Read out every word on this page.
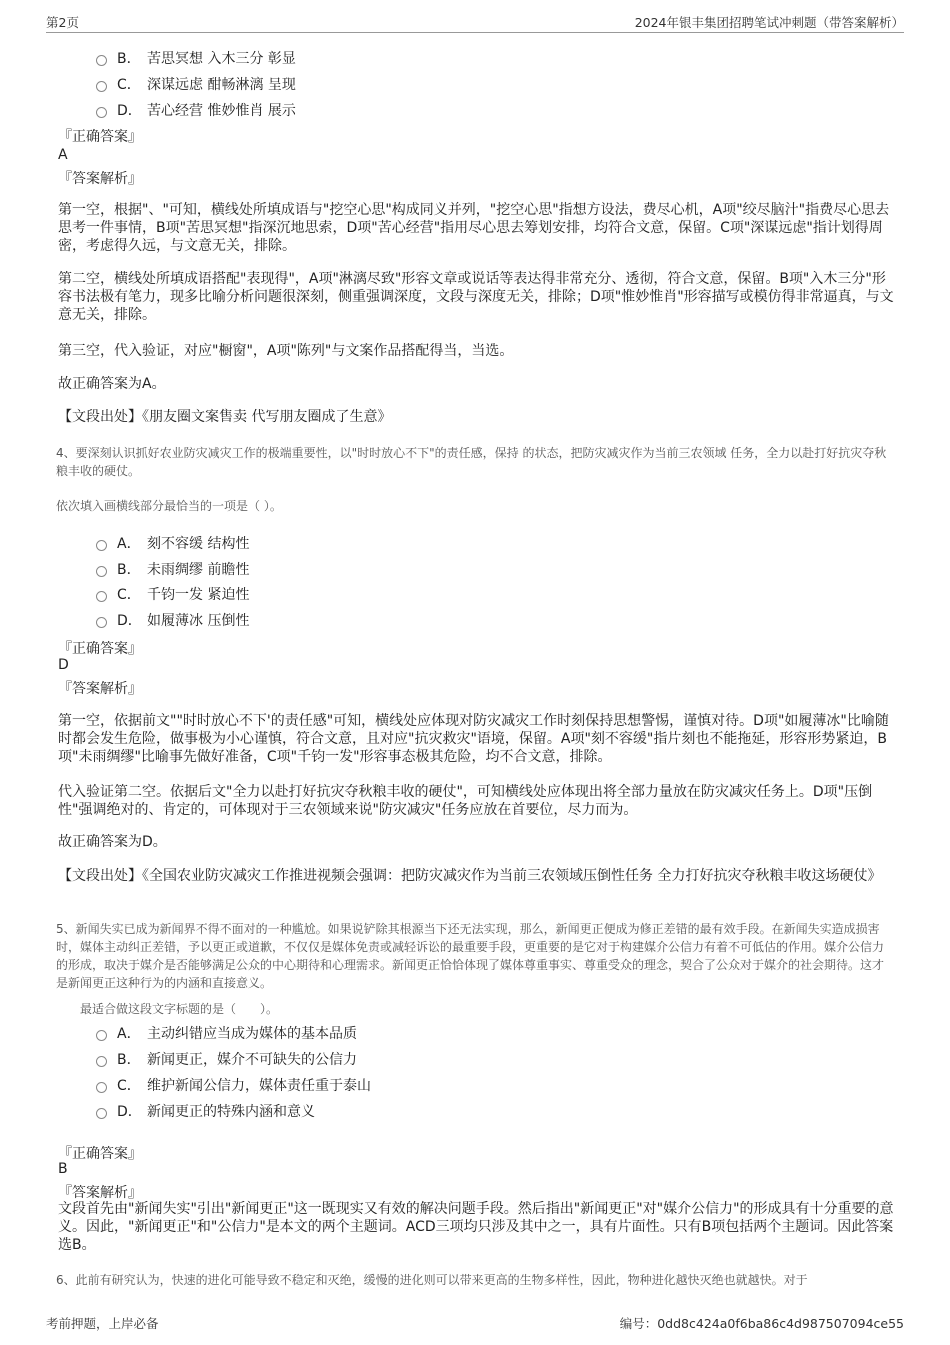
第2页	2024年银丰集团招聘笔试冲刺题（带答案解析）
B． 苦思冥想 入木三分 彰显
C． 深谋远虑 酣畅淋漓 呈现
D． 苦心经营 惟妙惟肖 展示
『正确答案』
A
『答案解析』
第一空，根据"、"可知，横线处所填成语与"挖空心思"构成同义并列，"挖空心思"指想方设法，费尽心机，A项"绞尽脑汁"指费尽心思去思考一件事情，B项"苦思冥想"指深沉地思索，D项"苦心经营"指用尽心思去筹划安排，均符合文意，保留。C项"深谋远虑"指计划得周密，考虑得久远，与文意无关，排除。
第二空，横线处所填成语搭配"表现得"，A项"淋漓尽致"形容文章或说话等表达得非常充分、透彻，符合文意，保留。B项"入木三分"形容书法极有笔力，现多比喻分析问题很深刻，侧重强调深度，文段与深度无关，排除；D项"惟妙惟肖"形容描写或模仿得非常逼真，与文意无关，排除。
第三空，代入验证，对应"橱窗"，A项"陈列"与文案作品搭配得当，当选。
故正确答案为A。
【文段出处】《朋友圈文案售卖 代写朋友圈成了生意》
4、要深刻认识抓好农业防灾减灾工作的极端重要性，以"时时放心不下"的责任感，保持 的状态，把防灾减灾作为当前三农领域 任务，全力以赴打好抗灾夺秋粮丰收的硬仗。
依次填入画横线部分最恰当的一项是（ ）。
A． 刻不容缓 结构性
B． 未雨绸缪 前瞻性
C． 千钧一发 紧迫性
D． 如履薄冰 压倒性
『正确答案』
D
『答案解析』
第一空，依据前文""时时放心不下'的责任感"可知，横线处应体现对防灾减灾工作时刻保持思想警惕，谨慎对待。D项"如履薄冰"比喻随时都会发生危险，做事极为小心谨慎，符合文意，且对应"抗灾救灾"语境，保留。A项"刻不容缓"指片刻也不能拖延，形容形势紧迫，B项"未雨绸缪"比喻事先做好准备，C项"千钧一发"形容事态极其危险，均不合文意，排除。
代入验证第二空。依据后文"全力以赴打好抗灾夺秋粮丰收的硬仗"，可知横线处应体现出将全部力量放在防灾减灾任务上。D项"压倒性"强调绝对的、肯定的，可体现对于三农领域来说"防灾减灾"任务应放在首要位，尽力而为。
故正确答案为D。
【文段出处】《全国农业防灾减灾工作推进视频会强调：把防灾减灾作为当前三农领域压倒性任务 全力打好抗灾夺秋粮丰收这场硬仗》
5、新闻失实已成为新闻界不得不面对的一种尴尬。如果说铲除其根源当下还无法实现，那么，新闻更正便成为修正差错的最有效手段。在新闻失实造成损害时，媒体主动纠正差错，予以更正或道歉，不仅仅是媒体免责或减轻诉讼的最重要手段，更重要的是它对于构建媒介公信力有着不可低估的作用。媒介公信力的形成，取决于媒介是否能够满足公众的中心期待和心理需求。新闻更正恰恰体现了媒体尊重事实、尊重受众的理念，契合了公众对于媒介的社会期待。这才是新闻更正这种行为的内涵和直接意义。
最适合做这段文字标题的是（　　）。
A． 主动纠错应当成为媒体的基本品质
B． 新闻更正，媒介不可缺失的公信力
C． 维护新闻公信力，媒体责任重于泰山
D． 新闻更正的特殊内涵和意义
『正确答案』
B
『答案解析』
文段首先由"新闻失实"引出"新闻更正"这一既现实又有效的解决问题手段。然后指出"新闻更正"对"媒介公信力"的形成具有十分重要的意义。因此，"新闻更正"和"公信力"是本文的两个主题词。ACD三项均只涉及其中之一，具有片面性。只有B项包括两个主题词。因此答案选B。
6、此前有研究认为，快速的进化可能导致不稳定和灭绝，缓慢的进化则可以带来更高的生物多样性，因此，物种进化越快灭绝也就越快。对于
考前押题，上岸必备	编号：0dd8c424a0f6ba86c4d987507094ce55
